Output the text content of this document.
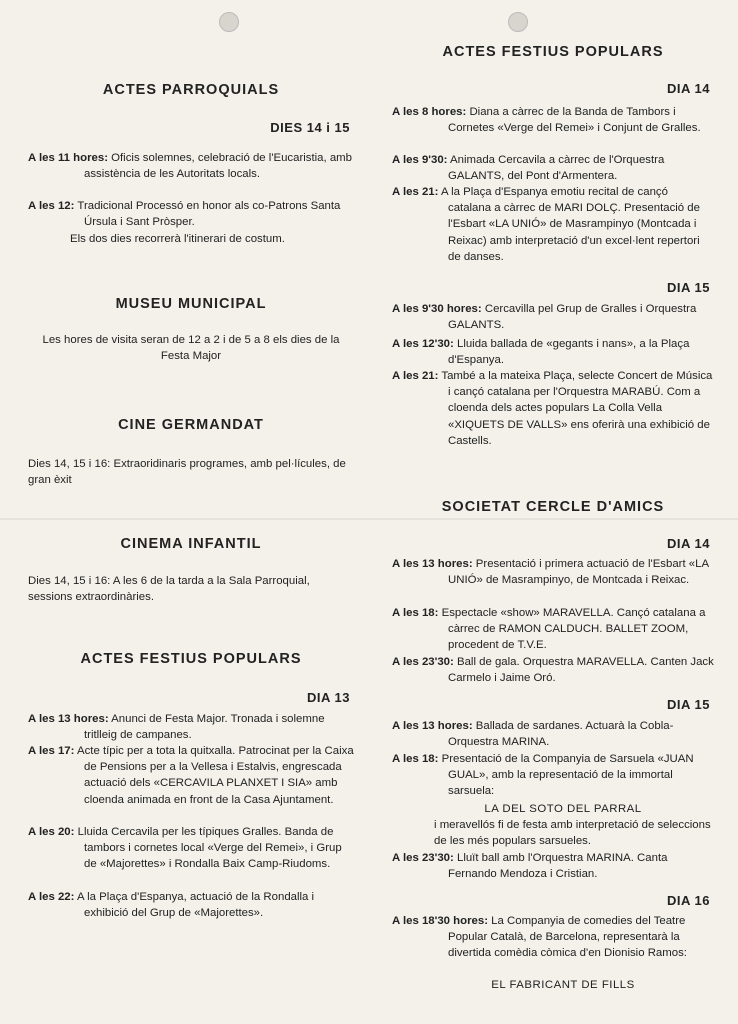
ACTES PARROQUIALS
DIES 14 i 15
A les 11 hores: Oficis solemnes, celebració de l'Eucaristia, amb assistència de les Autoritats locals.
A les 12: Tradicional Processó en honor als co-Patrons Santa Úrsula i Sant Pròsper.
Els dos dies recorrerà l'itinerari de costum.
MUSEU MUNICIPAL
Les hores de visita seran de 12 a 2 i de 5 a 8 els dies de la Festa Major
CINE GERMANDAT
Dies 14, 15 i 16: Extraoridinaris programes, amb pel·lícules, de gran èxit
CINEMA INFANTIL
Dies 14, 15 i 16: A les 6 de la tarda a la Sala Parroquial, sessions extraordinàries.
ACTES FESTIUS POPULARS
DIA 13
A les 13 hores: Anunci de Festa Major. Tronada i solemne tritlleig de campanes.
A les 17: Acte típic per a tota la quitxalla. Patrocinat per la Caixa de Pensions per a la Vellesa i Estalvis, engrescada actuació dels «CERCAVILA PLANXET I SIA» amb cloenda animada en front de la Casa Ajuntament.
A les 20: Lluida Cercavila per les típiques Gralles. Banda de tambors i cornetes local «Verge del Remei», i Grup de «Majorettes» i Rondalla Baix Camp-Riudoms.
A les 22: A la Plaça d'Espanya, actuació de la Rondalla i exhibició del Grup de «Majorettes».
ACTES FESTIUS POPULARS
DIA 14
A les 8 hores: Diana a càrrec de la Banda de Tambors i Cornetes «Verge del Remei» i Conjunt de Gralles.
A les 9'30: Animada Cercavila a càrrec de l'Orquestra GALANTS, del Pont d'Armentera.
A les 21: A la Plaça d'Espanya emotiu recital de cançó catalana a càrrec de MARI DOLÇ. Presentació de l'Esbart «LA UNIÓ» de Masrampinyo (Montcada i Reixac) amb interpretació d'un excel·lent repertori de danses.
DIA 15
A les 9'30 hores: Cercavilla pel Grup de Gralles i Orquestra GALANTS.
A les 12'30: Lluida ballada de «gegants i nans», a la Plaça d'Espanya.
A les 21: També a la mateixa Plaça, selecte Concert de Música i cançó catalana per l'Orquestra MARABÚ. Com a cloenda dels actes populars La Colla Vella «XIQUETS DE VALLS» ens oferirà una exhibició de Castells.
SOCIETAT CERCLE D'AMICS
DIA 14
A les 13 hores: Presentació i primera actuació de l'Esbart «LA UNIÓ» de Masrampinyo, de Montcada i Reixac.
A les 18: Espectacle «show» MARAVELLA. Cançó catalana a càrrec de RAMON CALDUCH. BALLET ZOOM, procedent de T.V.E.
A les 23'30: Ball de gala. Orquestra MARAVELLA. Canten Jack Carmelo i Jaime Oró.
DIA 15
A les 13 hores: Ballada de sardanes. Actuarà la Cobla-Orquestra MARINA.
A les 18: Presentació de la Companyia de Sarsuela «JUAN GUAL», amb la representació de la immortal sarsuela:
LA DEL SOTO DEL PARRAL
i meravellós fi de festa amb interpretació de seleccions de les més populars sarsueles.
A les 23'30: Lluït ball amb l'Orquestra MARINA. Canta Fernando Mendoza i Cristian.
DIA 16
A les 18'30 hores: La Companyia de comedies del Teatre Popular Català, de Barcelona, representarà la divertida comèdia còmica d'en Dionisio Ramos:
EL FABRICANT DE FILLS
